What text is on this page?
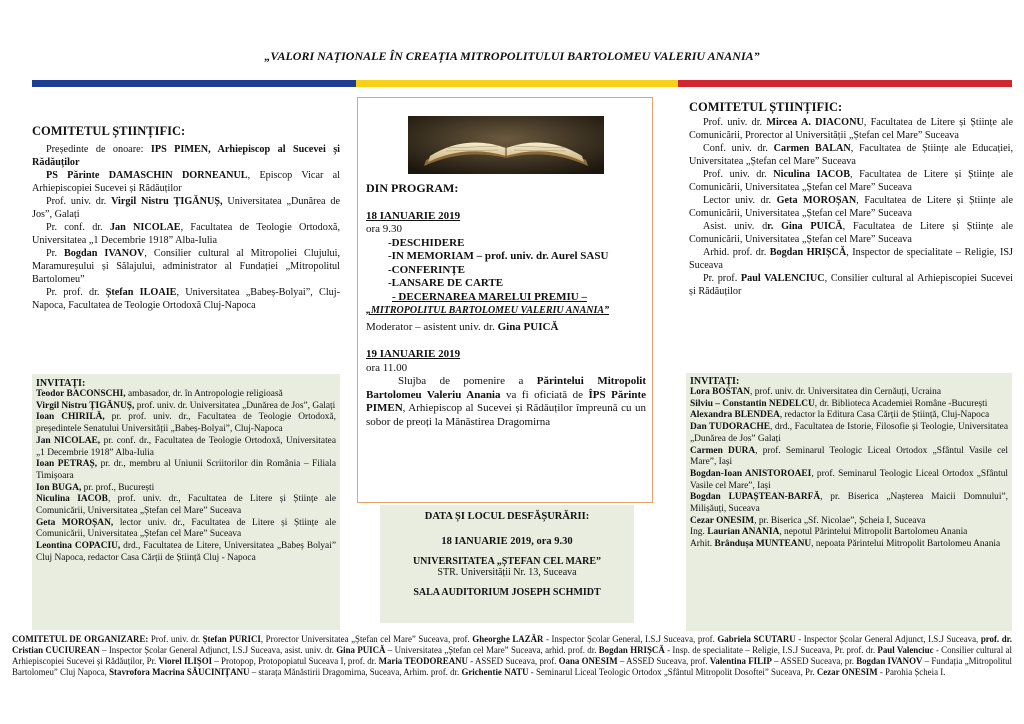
„VALORI NAȚIONALE ÎN CREAȚIA MITROPOLITULUI BARTOLOMEU VALERIU ANANIA”
COMITETUL ȘTIINȚIFIC:

Președinte de onoare: IPS PIMEN, Arhiepiscop al Sucevei și Rădăuților

PS Părinte DAMASCHIN DORNEANUL, Episcop Vicar al Arhiepiscopiei Sucevei și Rădăuților

Prof. univ. dr. Virgil Nistru ȚIGĂNUȘ, Universitatea „Dunărea de Jos”, Galați

Pr. conf. dr. Jan NICOLAE, Facultatea de Teologie Ortodoxă, Universitatea „1 Decembrie 1918” Alba-Iulia

Pr. Bogdan IVANOV, Consilier cultural al Mitropoliei Clujului, Maramureșului și Sălajului, administrator al Fundației „Mitropolitul Bartolomeu”

Pr. prof. dr. Ștefan ILOAIE, Universitatea „Babeș-Bolyai”, Cluj-Napoca, Facultatea de Teologie Ortodoxă Cluj-Napoca

INVITAȚI:

Teodor BACONSCHI, ambasador, dr. în Antropologie religioasă

Virgil Nistru ȚIGĂNUȘ, prof. univ. dr. Universitatea „Dunărea de Jos”, Galați

Ioan CHIRILĂ, pr. prof. univ. dr., Facultatea de Teologie Ortodoxă, președintele Senatului Universității „Babeș-Bolyai”, Cluj-Napoca

Jan NICOLAE, pr. conf. dr., Facultatea de Teologie Ortodoxă, Universitatea „1 Decembrie 1918” Alba-Iulia

Ioan PETRAȘ, pr. dr., membru al Uniunii Scriitorilor din România – Filiala Timișoara

Ion BUGA, pr. prof., București

Niculina IACOB, prof. univ. dr., Facultatea de Litere și Științe ale Comunicării, Universitatea „Ștefan cel Mare” Suceava

Geta MOROȘAN, lector univ. dr., Facultatea de Litere și Științe ale Comunicării, Universitatea „Ștefan cel Mare” Suceava

Leontina COPACIU, drd., Facultatea de Litere, Universitatea „Babeș Bolyai” Cluj Napoca, redactor Casa Cărții de Știință Cluj - Napoca

DIN PROGRAM:

18 IANUARIE 2019

ora 9.30

-DESCHIDERE

-IN MEMORIAM – prof. univ. dr. Aurel SASU

-CONFERINȚE

-LANSARE DE CARTE

- DECERNAREA MARELUI PREMIU –

„MITROPOLITUL BARTOLOMEU VALERIU ANANIA”

Moderator – asistent univ. dr. Gina PUICĂ

19 IANUARIE 2019

ora 11.00

Slujba de pomenire a Părintelui Mitropolit Bartolomeu Valeriu Anania va fi oficiată de ÎPS Părinte PIMEN, Arhiepiscop al Sucevei și Rădăuților împreună cu un sobor de preoți la Mănăstirea Dragomirna

DATA ȘI LOCUL DESFĂȘURĂRII:
18 IANUARIE 2019, ora 9.30
UNIVERSITATEA „ȘTEFAN CEL MARE”
STR. Universității Nr. 13, Suceava
SALA AUDITORIUM JOSEPH SCHMIDT
COMITETUL ȘTIINȚIFIC:

Prof. univ. dr. Mircea A. DIACONU, Facultatea de Litere și Științe ale Comunicării, Prorector al Universității „Ștefan cel Mare” Suceava

Conf. univ. dr. Carmen BALAN, Facultatea de Științe ale Educației, Universitatea „Ștefan cel Mare” Suceava

Prof. univ. dr. Niculina IACOB, Facultatea de Litere și Științe ale Comunicării, Universitatea „Ștefan cel Mare” Suceava

Lector univ. dr. Geta MOROȘAN, Facultatea de Litere și Științe ale Comunicării, Universitatea „Ștefan cel Mare” Suceava

Asist. univ. dr. Gina PUICĂ, Facultatea de Litere și Științe ale Comunicării, Universitatea „Ștefan cel Mare” Suceava

Arhid. prof. dr. Bogdan HRIȘCĂ, Inspector de specialitate – Religie, ISJ Suceava

Pr. prof. Paul VALENCIUC, Consilier cultural al Arhiepiscopiei Sucevei și Rădăuților

INVITAȚI:

Lora BOSTAN, prof. univ. dr. Universitatea din Cernăuți, Ucraina

Silviu – Constantin NEDELCU, dr. Biblioteca Academiei Române -București

Alexandra BLENDEA, redactor la Editura Casa Cărții de Știință, Cluj-Napoca

Dan TUDORACHE, drd., Facultatea de Istorie, Filosofie și Teologie, Universitatea „Dunărea de Jos” Galați

Carmen DURA, prof. Seminarul Teologic Liceal Ortodox „Sfântul Vasile cel Mare”, Iași

Bogdan-Ioan ANISTOROAEI, prof. Seminarul Teologic Liceal Ortodox „Sfântul Vasile cel Mare”, Iași

Bogdan LUPAȘTEAN-BARFĂ, pr. Biserica „Nașterea Maicii Domnului”, Milișăuți, Suceava

Cezar ONESIM, pr. Biserica „Sf. Nicolae”, Șcheia I, Suceava

Ing. Laurian ANANIA, nepotul Părintelui Mitropolit Bartolomeu Anania

Arhit. Brândușa MUNTEANU, nepoata Părintelui Mitropolit Bartolomeu Anania

COMITETUL DE ORGANIZARE: Prof. univ. dr. Ștefan PURICI, Prorector Universitatea „Ștefan cel Mare” Suceava, prof. Gheorghe LAZĂR - Inspector Școlar General, I.S.J Suceava, prof. Gabriela SCUTARU - Inspector Școlar General Adjunct, I.S.J Suceava, prof. dr. Cristian CUCIUREAN – Inspector Școlar General Adjunct, I.S.J Suceava, asist. univ. dr. Gina PUICĂ – Universitatea „Ștefan cel Mare” Suceava, arhid. prof. dr. Bogdan HRIȘCĂ - Insp. de specialitate – Religie, I.S.J Suceava, Pr. prof. dr. Paul Valenciuc - Consilier cultural al Arhiepiscopiei Sucevei și Rădăuților, Pr. Viorel ILIȘOI – Protopop, Protopopiatul Suceava I, prof. dr. Maria TEODOREANU - ASSED Suceava, prof. Oana ONESIM – ASSED Suceava, prof. Valentina FILIP – ASSED Suceava, pr. Bogdan IVANOV – Fundația „Mitropolitul Bartolomeu” Cluj Napoca, Stavrofora Macrina SĂUCINIȚANU – starața Mănăstirii Dragomirna, Suceava, Arhim. prof. dr. Grichentie NATU - Seminarul Liceal Teologic Ortodox „Sfântul Mitropolit Dosoftei” Suceava, Pr. Cezar ONESIM - Parohia Șcheia I.
